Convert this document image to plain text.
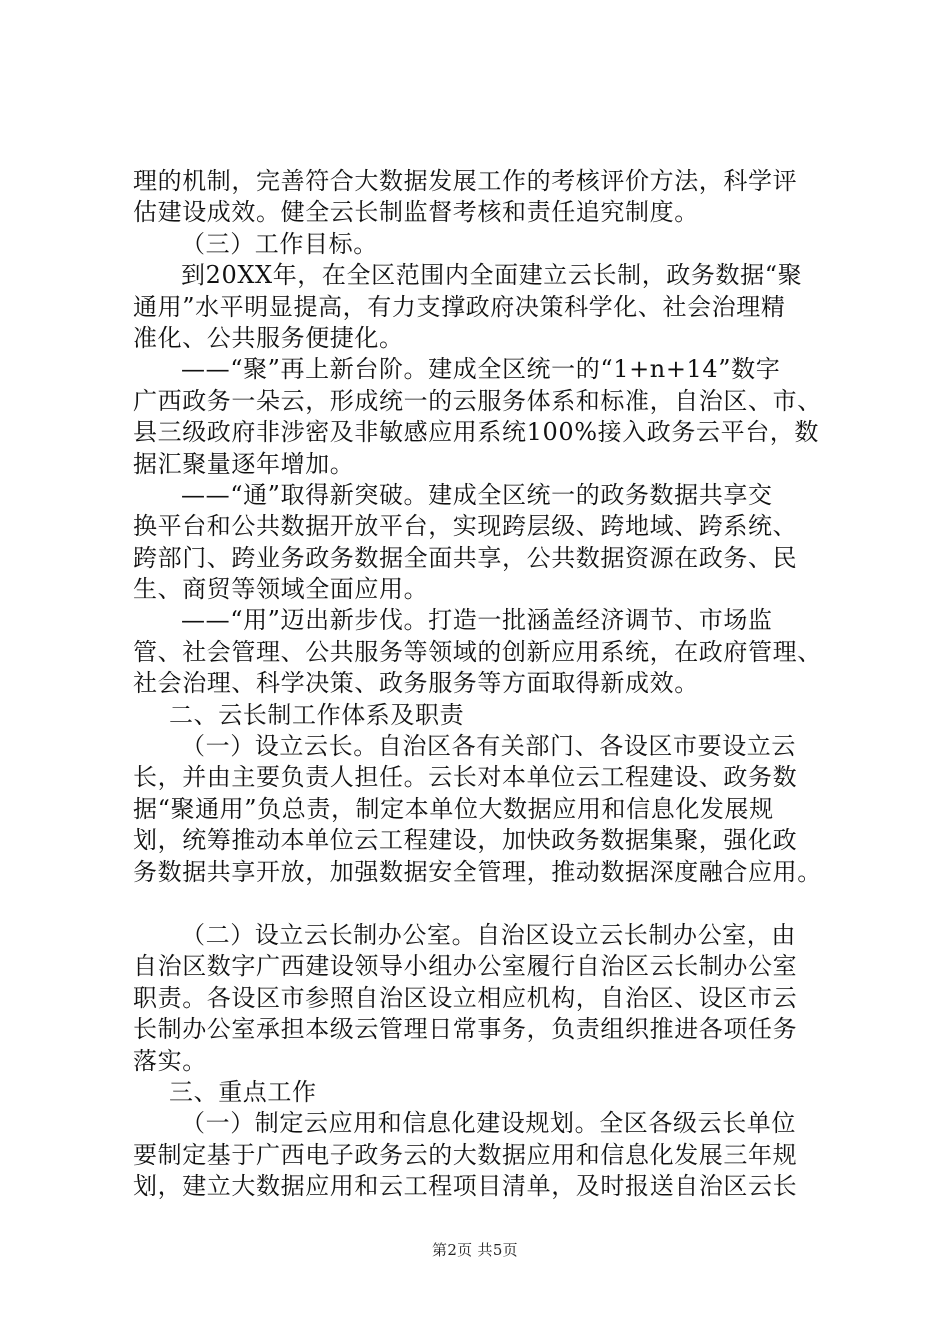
理的机制，完善符合大数据发展工作的考核评价方法，科学评
估建设成效。健全云长制监督考核和责任追究制度。
（三）工作目标。
到20XX年，在全区范围内全面建立云长制，政务数据“聚
通用”水平明显提高，有力支撑政府决策科学化、社会治理精
准化、公共服务便捷化。
——“聚”再上新台阶。建成全区统一的“1+n+14”数字
广西政务一朵云，形成统一的云服务体系和标准，自治区、市、
县三级政府非涉密及非敏感应用系统100%接入政务云平台，数
据汇聚量逐年增加。
——“通”取得新突破。建成全区统一的政务数据共享交
换平台和公共数据开放平台，实现跨层级、跨地域、跨系统、
跨部门、跨业务政务数据全面共享，公共数据资源在政务、民
生、商贸等领域全面应用。
——“用”迈出新步伐。打造一批涵盖经济调节、市场监
管、社会管理、公共服务等领域的创新应用系统，在政府管理、
社会治理、科学决策、政务服务等方面取得新成效。
二、云长制工作体系及职责
（一）设立云长。自治区各有关部门、各设区市要设立云
长，并由主要负责人担任。云长对本单位云工程建设、政务数
据“聚通用”负总责，制定本单位大数据应用和信息化发展规
划，统筹推动本单位云工程建设，加快政务数据集聚，强化政
务数据共享开放，加强数据安全管理，推动数据深度融合应用。
（二）设立云长制办公室。自治区设立云长制办公室，由
自治区数字广西建设领导小组办公室履行自治区云长制办公室
职责。各设区市参照自治区设立相应机构，自治区、设区市云
长制办公室承担本级云管理日常事务，负责组织推进各项任务
落实。
三、重点工作
（一）制定云应用和信息化建设规划。全区各级云长单位
要制定基于广西电子政务云的大数据应用和信息化发展三年规
划，建立大数据应用和云工程项目清单，及时报送自治区云长
第2页 共5页
